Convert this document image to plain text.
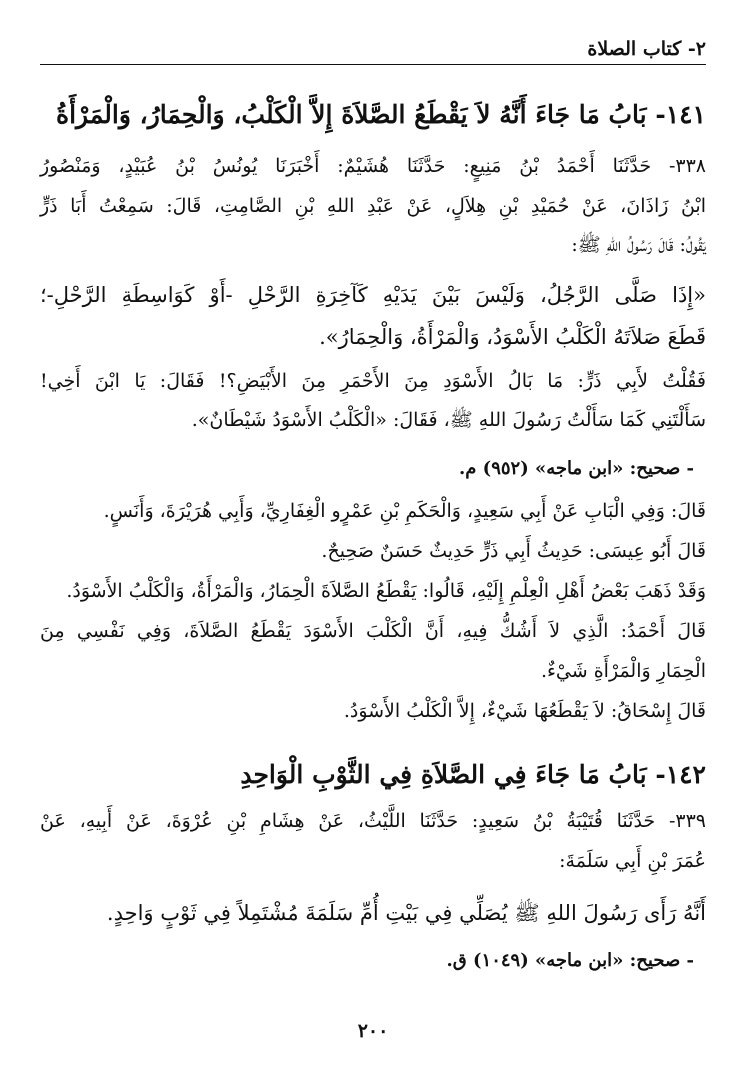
٢- كتاب الصلاة
١٤١- بَابُ مَا جَاءَ أَنَّهُ لاَ يَقْطَعُ الصَّلاَةَ إِلاَّ الْكَلْبُ، وَالْحِمَارُ، وَالْمَرْأَةُ
٣٣٨- حَدَّثَنَا أَحْمَدُ بْنُ مَنِيعٍ: حَدَّثَنَا هُشَيْمٌ: أَخْبَرَنَا يُونُسُ بْنُ عُبَيْدٍ، وَمَنْصُورُ
ابْنُ زَاذَانَ، عَنْ حُمَيْدِ بْنِ هِلاَلٍ، عَنْ عَبْدِ اللهِ بْنِ الصَّامِتِ، قَالَ: سَمِعْتُ أَبَا ذَرٍّ
يَقُولُ: قَالَ رَسُولُ اللهِ ﷺ:
«إِذَا صَلَّى الرَّجُلُ، وَلَيْسَ بَيْنَ يَدَيْهِ كَآخِرَةِ الرَّحْلِ -أَوْ كَوَاسِطَةِ الرَّحْلِ-؛
قَطَعَ صَلاَتَهُ الْكَلْبُ الأَسْوَدُ، وَالْمَرْأَةُ، وَالْحِمَارُ».
فَقُلْتُ لأَبِي ذَرٍّ: مَا بَالُ الأَسْوَدِ مِنَ الأَحْمَرِ مِنَ الأَبْيَضِ؟! فَقَالَ: يَا ابْنَ أَخِي!
سَأَلْتَنِي كَمَا سَأَلْتُ رَسُولَ اللهِ ﷺ، فَقَالَ: «الْكَلْبُ الأَسْوَدُ شَيْطَانٌ».
- صحيح: «ابن ماجه» (٩٥٢) م.
قَالَ: وَفِي الْبَابِ عَنْ أَبِي سَعِيدٍ، وَالْحَكَمِ بْنِ عَمْرٍو الْغِفَارِيِّ، وَأَبِي هُرَيْرَةَ، وَأَنَسٍ.
قَالَ أَبُو عِيسَى: حَدِيثُ أَبِي ذَرٍّ حَدِيثٌ حَسَنٌ صَحِيحٌ.
وَقَدْ ذَهَبَ بَعْضُ أَهْلِ الْعِلْمِ إِلَيْهِ، قَالُوا: يَقْطَعُ الصَّلاَةَ الْحِمَارُ، وَالْمَرْأَةُ، وَالْكَلْبُ الأَسْوَدُ.
قَالَ أَحْمَدُ: الَّذِي لاَ أَشُكُّ فِيهِ، أَنَّ الْكَلْبَ الأَسْوَدَ يَقْطَعُ الصَّلاَةَ، وَفِي نَفْسِي مِنَ
الْحِمَارِ وَالْمَرْأَةِ شَيْءٌ.
قَالَ إِسْحَاقُ: لاَ يَقْطَعُهَا شَيْءٌ، إِلاَّ الْكَلْبُ الأَسْوَدُ.
١٤٢- بَابُ مَا جَاءَ فِي الصَّلاَةِ فِي الثَّوْبِ الْوَاحِدِ
٣٣٩- حَدَّثَنَا قُتَيْبَةُ بْنُ سَعِيدٍ: حَدَّثَنَا اللَّيْثُ، عَنْ هِشَامِ بْنِ عُرْوَةَ، عَنْ أَبِيهِ، عَنْ
عُمَرَ بْنِ أَبِي سَلَمَةَ:
أَنَّهُ رَأَى رَسُولَ اللهِ ﷺ يُصَلِّي فِي بَيْتِ أُمِّ سَلَمَةَ مُشْتَمِلاً فِي ثَوْبٍ وَاحِدٍ.
- صحيح: «ابن ماجه» (١٠٤٩) ق.
٢٠٠
